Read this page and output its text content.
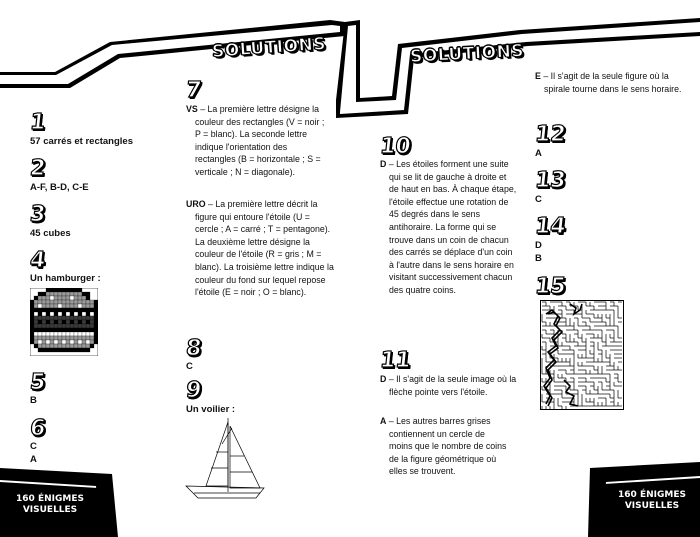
SOLUTIONS	SOLUTIONS
1
57 carrés et rectangles
2
A-F, B-D, C-E
3
45 cubes
4
Un hamburger :
5
B
6
C
A
7

VS – La première lettre désigne la couleur des rectangles (V = noir ; P = blanc). La seconde lettre indique l'orientation des rectangles (B = horizontale ; S = verticale ; N = diagonale).

URO – La première lettre décrit la figure qui entoure l'étoile (U = cercle ; A = carré ; T = pentagone). La deuxième lettre désigne la couleur de l'étoile (R = gris ; M = blanc). La troisième lettre indique la couleur du fond sur lequel repose l'étoile (E = noir ; O = blanc).

8
C
9
Un voilier :
160 ÉNIGMES
VISUELLES
10

D – Les étoiles forment une suite qui se lit de gauche à droite et de haut en bas. À chaque étape, l'étoile effectue une rotation de 45 degrés dans le sens antihoraire. La forme qui se trouve dans un coin de chacun des carrés se déplace d'un coin à l'autre dans le sens horaire en visitant successivement chacun des quatre coins.

11

D – Il s'agit de la seule image où la flèche pointe vers l'étoile.

A – Les autres barres grises contiennent un cercle de moins que le nombre de coins de la figure géométrique où elles se trouvent.

E – Il s'agit de la seule figure où la spirale tourne dans le sens horaire.

12
A
13
C
14
D
B
15
160 ÉNIGMES
VISUELLES
